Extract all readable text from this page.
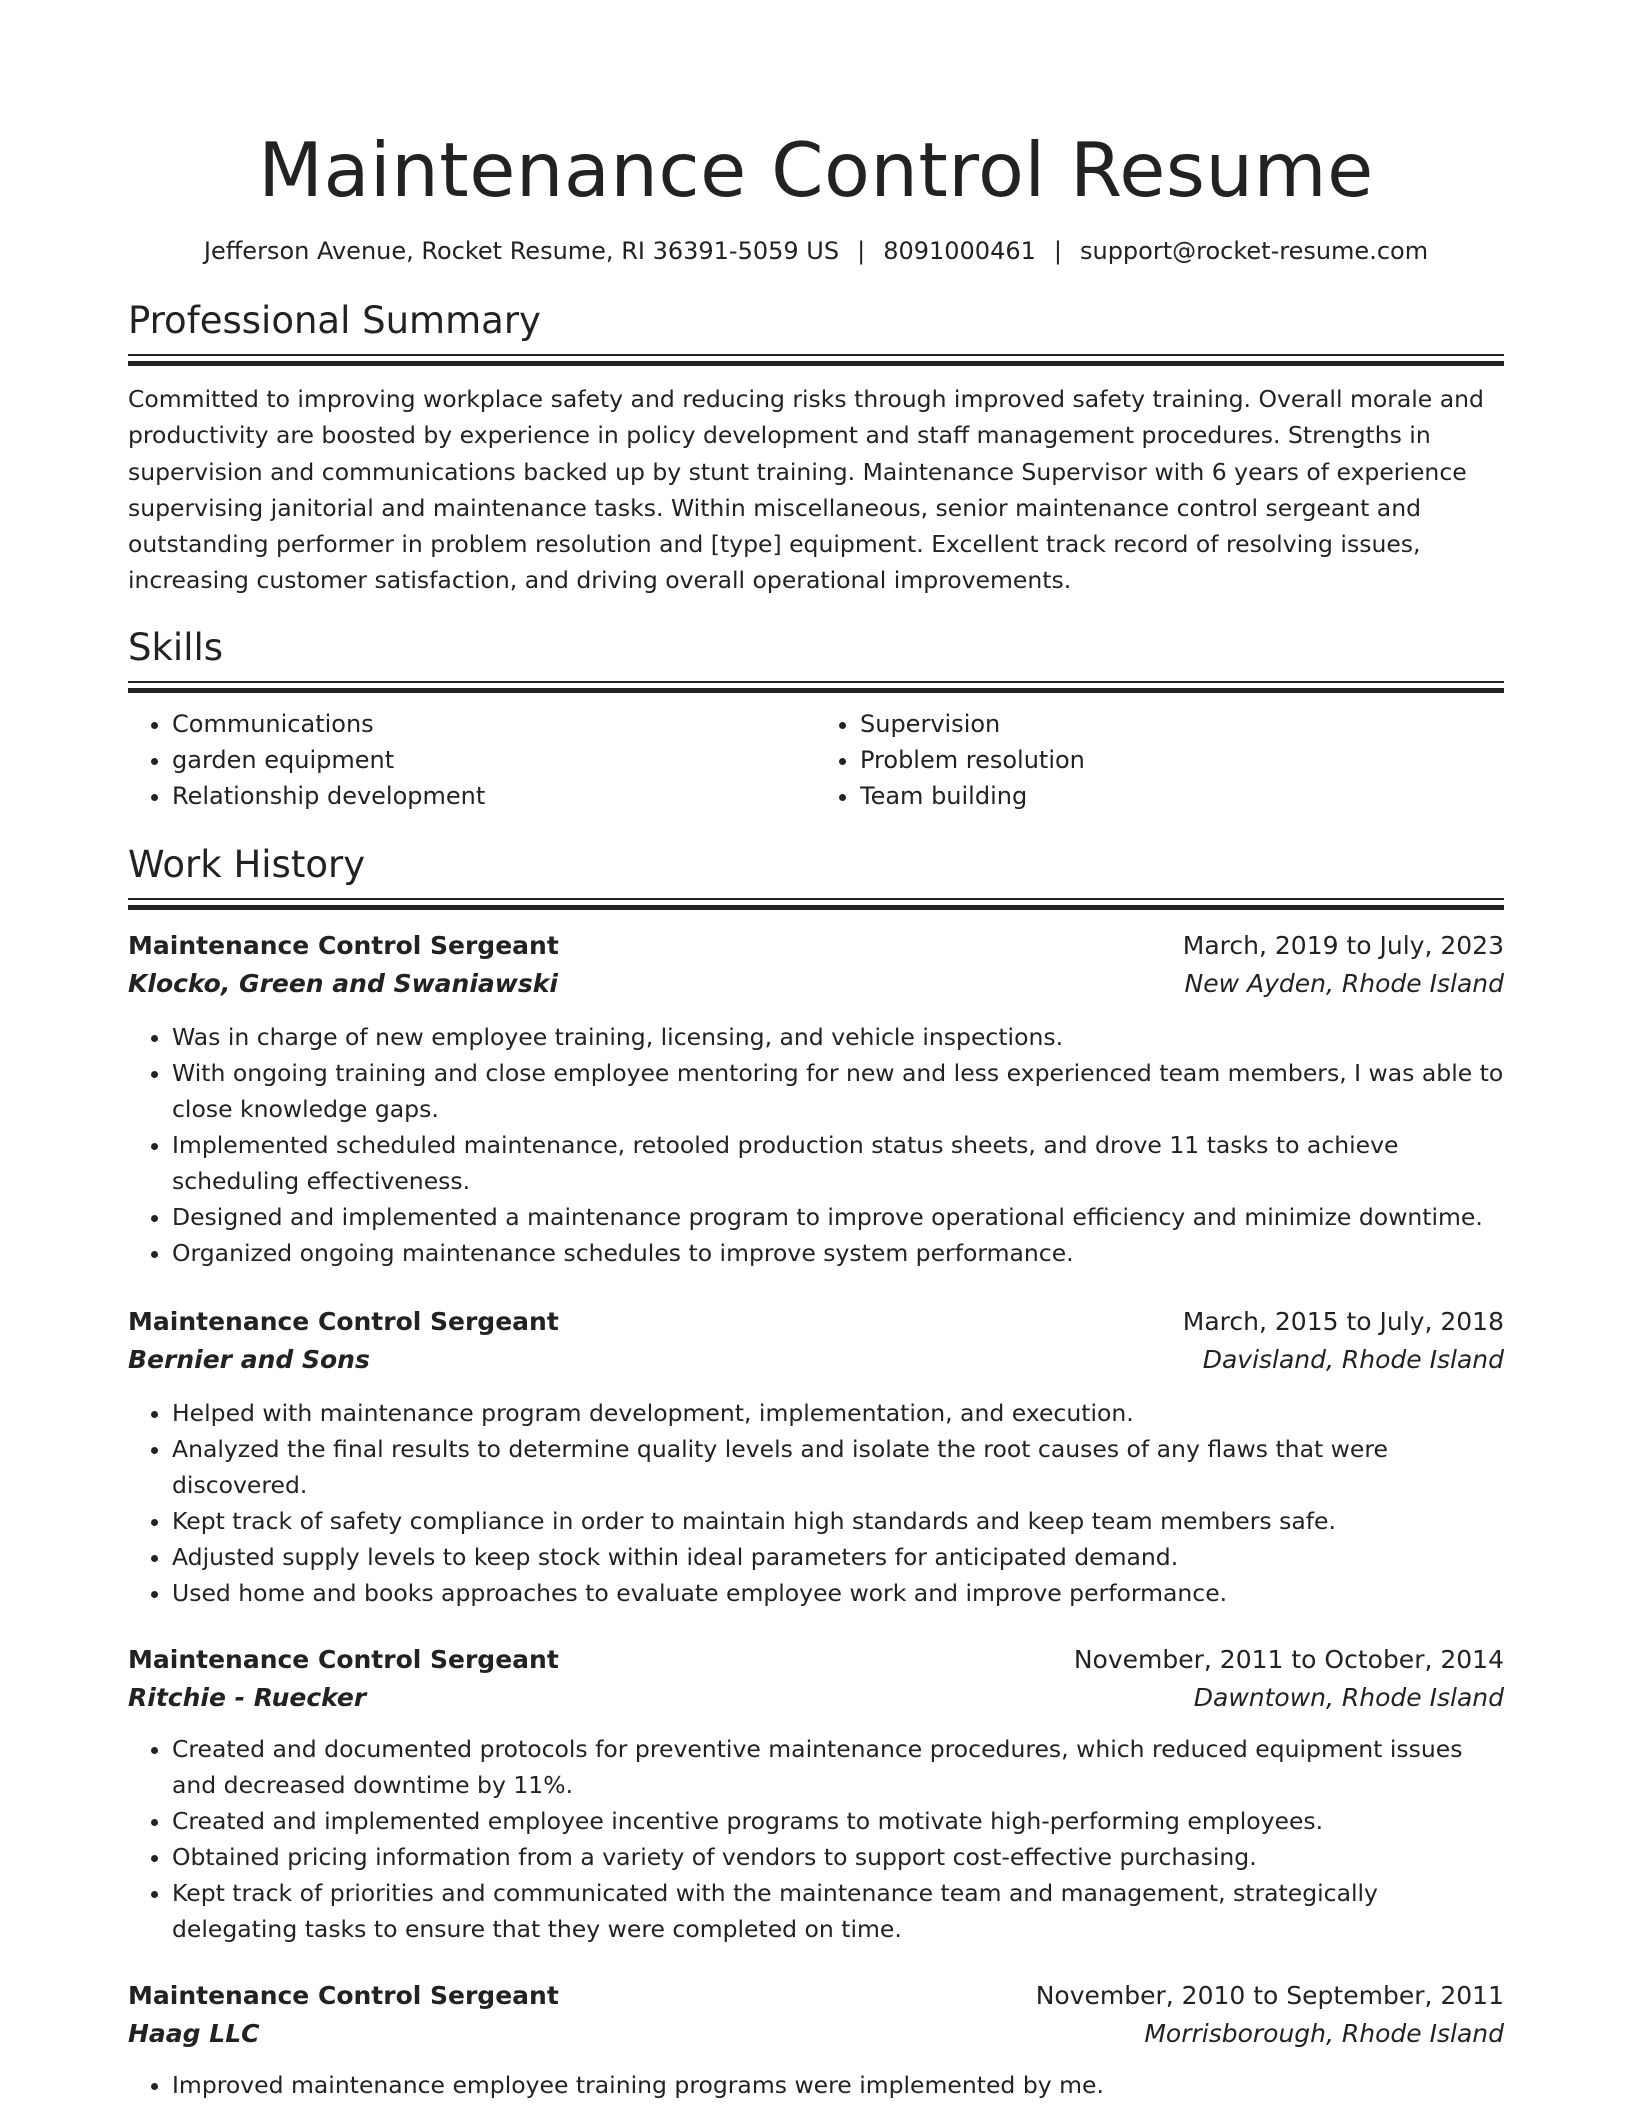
Maintenance Control Resume
Jefferson Avenue, Rocket Resume, RI 36391-5059 US | 8091000461 | support@rocket-resume.com
Professional Summary
Committed to improving workplace safety and reducing risks through improved safety training. Overall morale and productivity are boosted by experience in policy development and staff management procedures. Strengths in supervision and communications backed up by stunt training. Maintenance Supervisor with 6 years of experience supervising janitorial and maintenance tasks. Within miscellaneous, senior maintenance control sergeant and outstanding performer in problem resolution and [type] equipment. Excellent track record of resolving issues, increasing customer satisfaction, and driving overall operational improvements.
Skills
• Communications
• garden equipment
• Relationship development
• Supervision
• Problem resolution
• Team building
Work History
Maintenance Control Sergeant	March, 2019 to July, 2023
Klocko, Green and Swaniawski	New Ayden, Rhode Island
• Was in charge of new employee training, licensing, and vehicle inspections.
• With ongoing training and close employee mentoring for new and less experienced team members, I was able to close knowledge gaps.
• Implemented scheduled maintenance, retooled production status sheets, and drove 11 tasks to achieve scheduling effectiveness.
• Designed and implemented a maintenance program to improve operational efficiency and minimize downtime.
• Organized ongoing maintenance schedules to improve system performance.
Maintenance Control Sergeant	March, 2015 to July, 2018
Bernier and Sons	Davisland, Rhode Island
• Helped with maintenance program development, implementation, and execution.
• Analyzed the final results to determine quality levels and isolate the root causes of any flaws that were discovered.
• Kept track of safety compliance in order to maintain high standards and keep team members safe.
• Adjusted supply levels to keep stock within ideal parameters for anticipated demand.
• Used home and books approaches to evaluate employee work and improve performance.
Maintenance Control Sergeant	November, 2011 to October, 2014
Ritchie - Ruecker	Dawntown, Rhode Island
• Created and documented protocols for preventive maintenance procedures, which reduced equipment issues and decreased downtime by 11%.
• Created and implemented employee incentive programs to motivate high-performing employees.
• Obtained pricing information from a variety of vendors to support cost-effective purchasing.
• Kept track of priorities and communicated with the maintenance team and management, strategically delegating tasks to ensure that they were completed on time.
Maintenance Control Sergeant	November, 2010 to September, 2011
Haag LLC	Morrisborough, Rhode Island
• Improved maintenance employee training programs were implemented by me.
